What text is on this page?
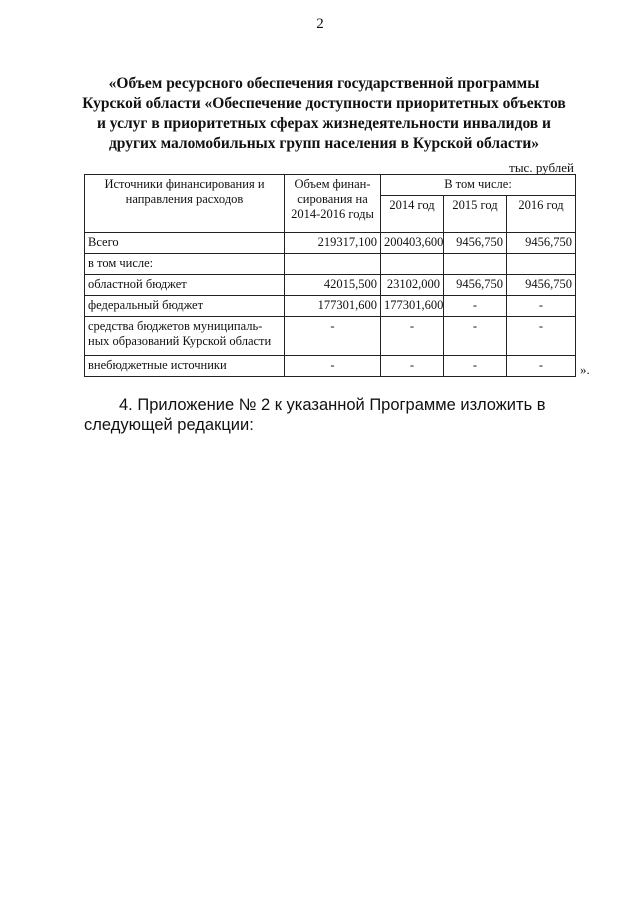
2
«Объем ресурсного обеспечения государственной программы Курской области «Обеспечение доступности приоритетных объектов и услуг в приоритетных сферах жизнедеятельности инвалидов и других маломобильных групп населения в Курской области»
тыс. рублей
Источники финансирования и направления расходов	Объем финан-сирования на 2014-2016 годы	В том числе:		
		2014 год	2015 год	2016 год
Всего	219317,100	200403,600	9456,750	9456,750
в том числе:				
областной бюджет	42015,500	23102,000	9456,750	9456,750
федеральный бюджет	177301,600	177301,600	-	-
средства бюджетов муниципаль-ных образований Курской области	-	-	-	-
внебюджетные источники	-	-	-	-	».
4. Приложение № 2 к указанной Программе изложить в следующей редакции:
